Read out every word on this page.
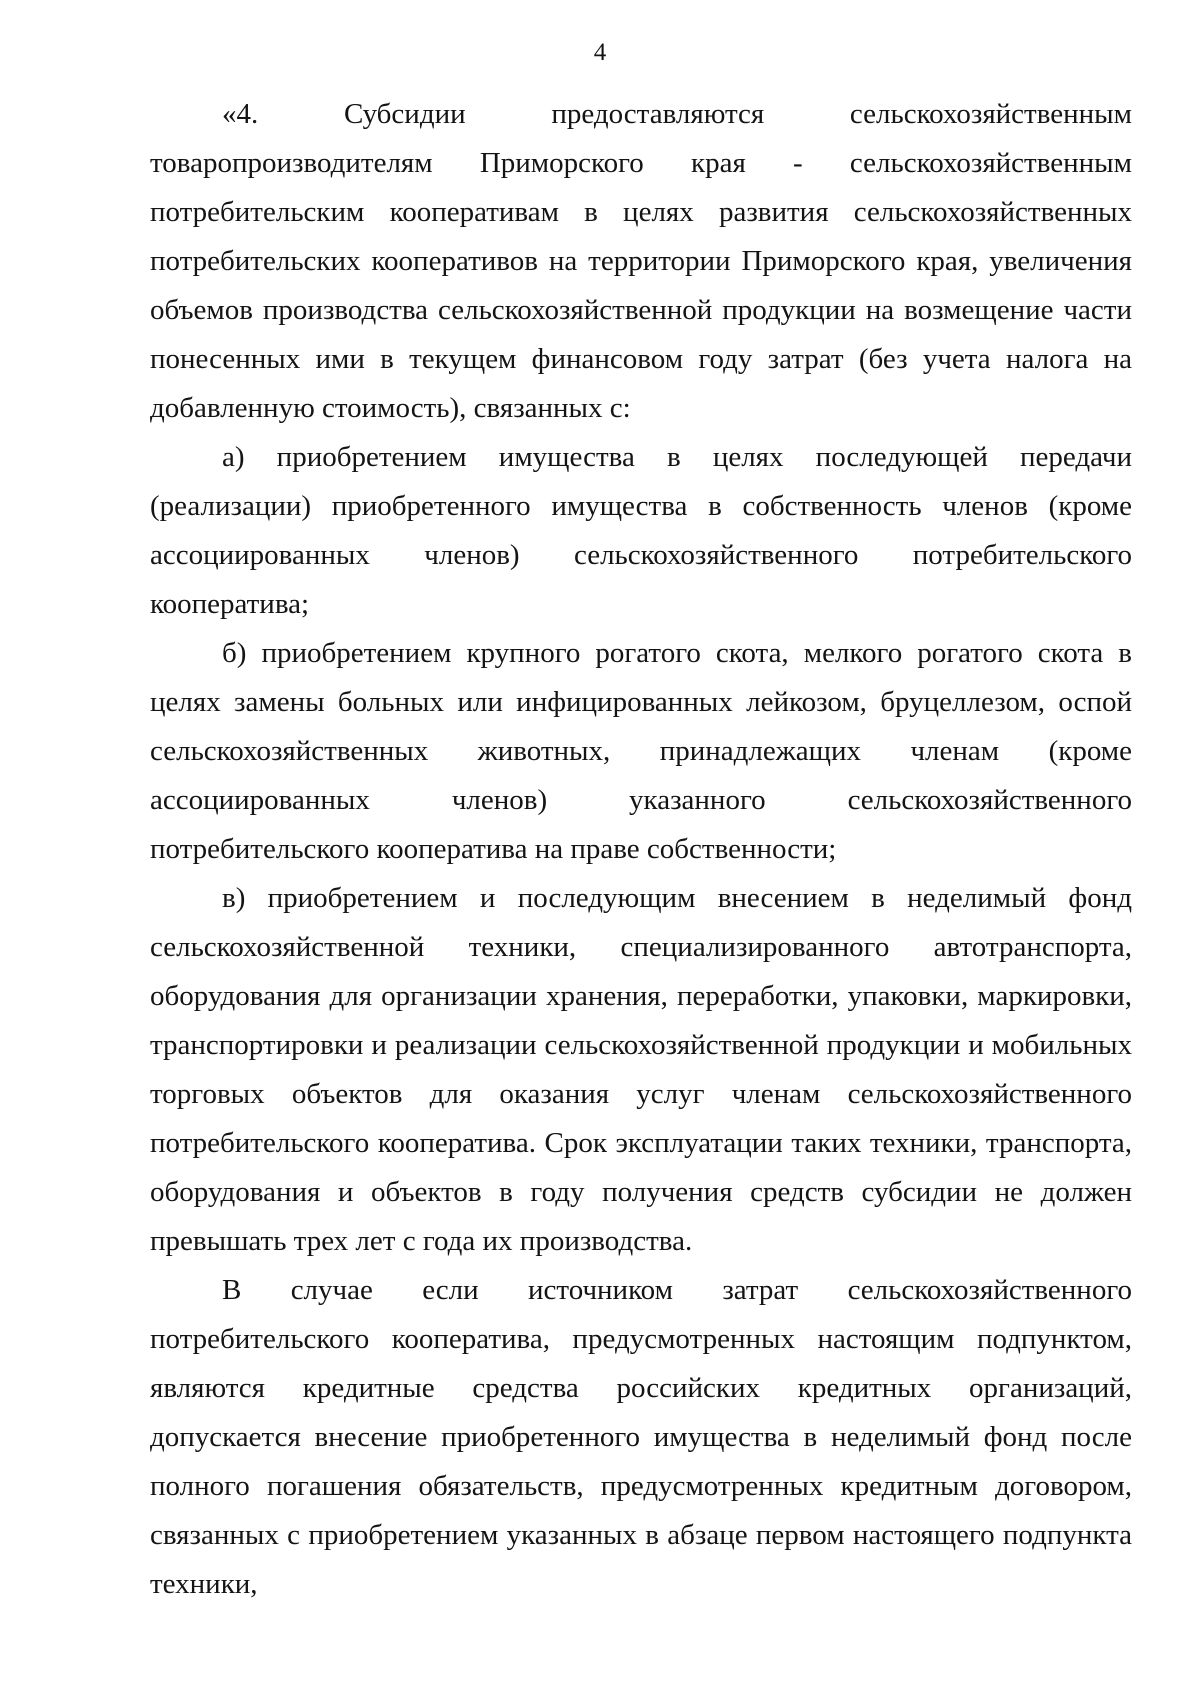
4

«4. Субсидии предоставляются сельскохозяйственным товаропроизводителям Приморского края - сельскохозяйственным потребительским кооперативам в целях развития сельскохозяйственных потребительских кооперативов на территории Приморского края, увеличения объемов производства сельскохозяйственной продукции на возмещение части понесенных ими в текущем финансовом году затрат (без учета налога на добавленную стоимость), связанных с:

а) приобретением имущества в целях последующей передачи (реализации) приобретенного имущества в собственность членов (кроме ассоциированных членов) сельскохозяйственного потребительского кооператива;

б) приобретением крупного рогатого скота, мелкого рогатого скота в целях замены больных или инфицированных лейкозом, бруцеллезом, оспой сельскохозяйственных животных, принадлежащих членам (кроме ассоциированных членов) указанного сельскохозяйственного потребительского кооператива на праве собственности;

в) приобретением и последующим внесением в неделимый фонд сельскохозяйственной техники, специализированного автотранспорта, оборудования для организации хранения, переработки, упаковки, маркировки, транспортировки и реализации сельскохозяйственной продукции и мобильных торговых объектов для оказания услуг членам сельскохозяйственного потребительского кооператива. Срок эксплуатации таких техники, транспорта, оборудования и объектов в году получения средств субсидии не должен превышать трех лет с года их производства.

В случае если источником затрат сельскохозяйственного потребительского кооператива, предусмотренных настоящим подпунктом, являются кредитные средства российских кредитных организаций, допускается внесение приобретенного имущества в неделимый фонд после полного погашения обязательств, предусмотренных кредитным договором, связанных с приобретением указанных в абзаце первом настоящего подпункта техники,
